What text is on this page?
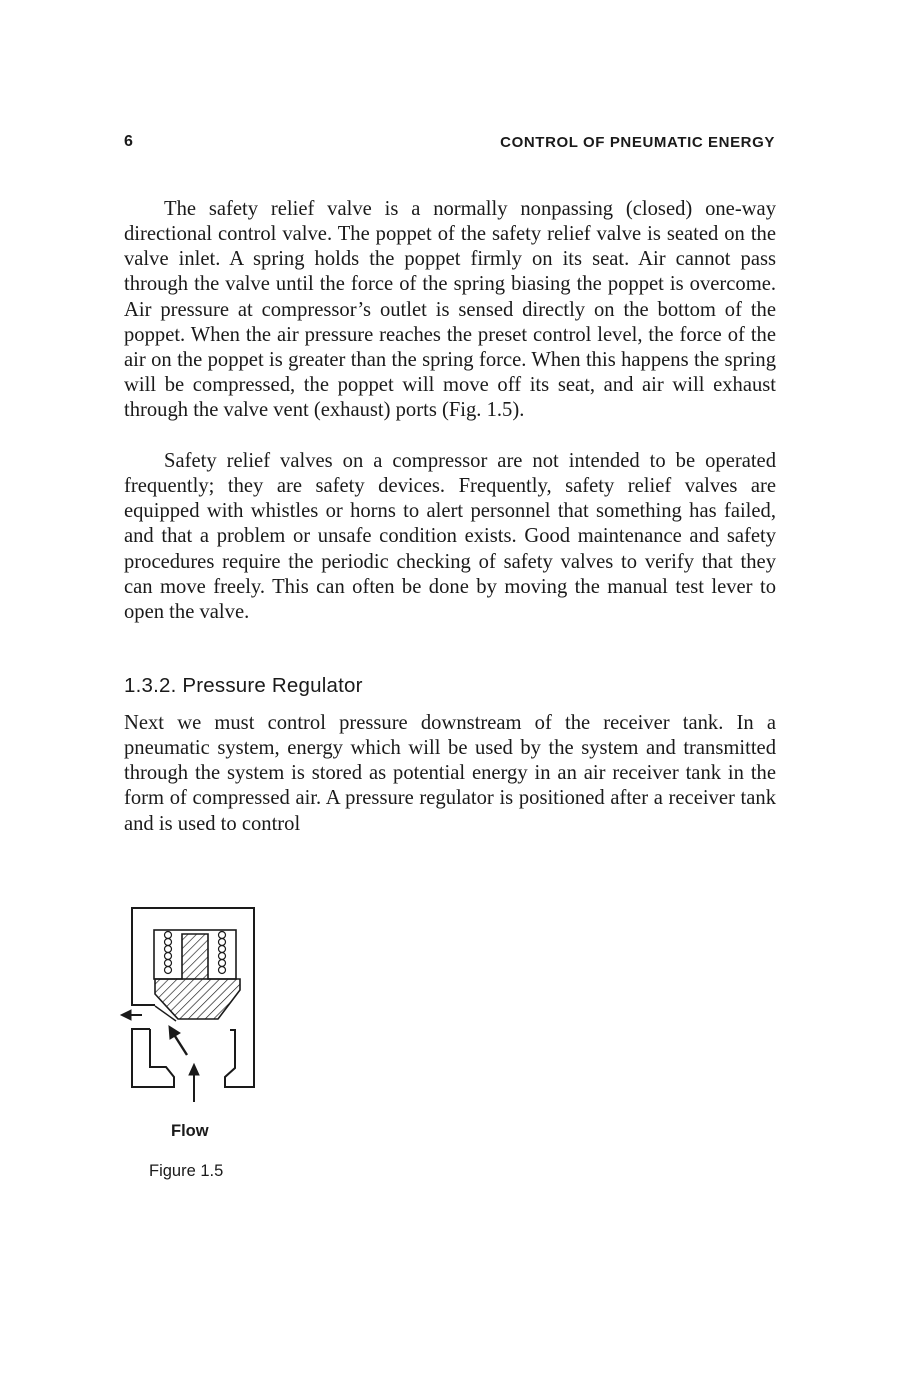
6	CONTROL OF PNEUMATIC ENERGY

The safety relief valve is a normally nonpassing (closed) one-way directional control valve. The poppet of the safety relief valve is seated on the valve inlet. A spring holds the poppet firmly on its seat. Air cannot pass through the valve until the force of the spring biasing the poppet is overcome. Air pressure at compressor’s outlet is sensed directly on the bottom of the poppet. When the air pressure reaches the preset control level, the force of the air on the poppet is greater than the spring force. When this happens the spring will be compressed, the poppet will move off its seat, and air will exhaust through the valve vent (exhaust) ports (Fig. 1.5).

Safety relief valves on a compressor are not intended to be operated frequently; they are safety devices. Frequently, safety relief valves are equipped with whistles or horns to alert personnel that something has failed, and that a problem or unsafe condition exists. Good maintenance and safety procedures require the periodic checking of safety valves to verify that they can move freely. This can often be done by moving the manual test lever to open the valve.

1.3.2. Pressure Regulator

Next we must control pressure downstream of the receiver tank. In a pneumatic system, energy which will be used by the system and transmitted through the system is stored as potential energy in an air receiver tank in the form of compressed air. A pressure regulator is positioned after a receiver tank and is used to control

Flow
Figure 1.5
